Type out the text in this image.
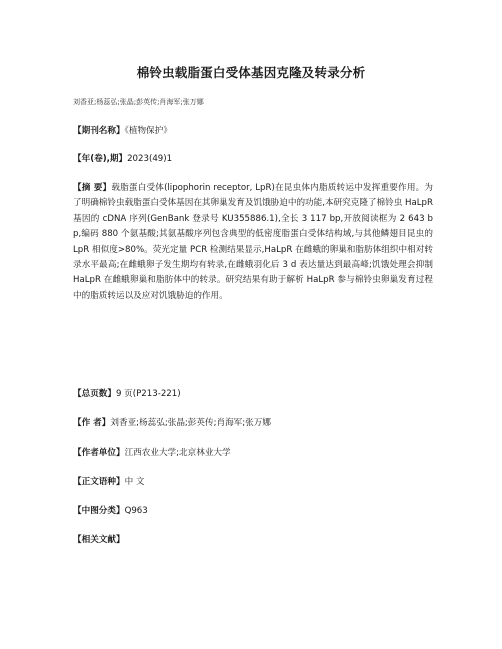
棉铃虫载脂蛋白受体基因克隆及转录分析
刘香亚;杨蕊弘;张晶;彭英传;肖海军;张万娜
【期刊名称】《植物保护》
【年(卷),期】2023(49)1
【摘 要】载脂蛋白受体(lipophorin receptor, LpR)在昆虫体内脂质转运中发挥重要作用。为了明确棉铃虫载脂蛋白受体基因在其卵巢发育及饥饿胁迫中的功能,本研究克隆了棉铃虫 HaLpR 基因的 cDNA 序列(GenBank 登录号 KU355886.1),全长 3 117 bp,开放阅读框为 2 643 bp,编码 880 个氨基酸;其氨基酸序列包含典型的低密度脂蛋白受体结构域,与其他鳞翅目昆虫的 LpR 相似度>80%。荧光定量 PCR 检测结果显示,HaLpR 在雌蛾的卵巢和脂肪体组织中相对转录水平最高;在雌蛾卵子发生期均有转录,在雌蛾羽化后 3 d 表达量达到最高峰;饥饿处理会抑制 HaLpR 在雌蛾卵巢和脂肪体中的转录。研究结果有助于解析 HaLpR 参与棉铃虫卵巢发育过程中的脂质转运以及应对饥饿胁迫的作用。
【总页数】9 页(P213-221)
【作 者】刘香亚;杨蕊弘;张晶;彭英传;肖海军;张万娜
【作者单位】江西农业大学;北京林业大学
【正文语种】中 文
【中图分类】Q963
【相关文献】
